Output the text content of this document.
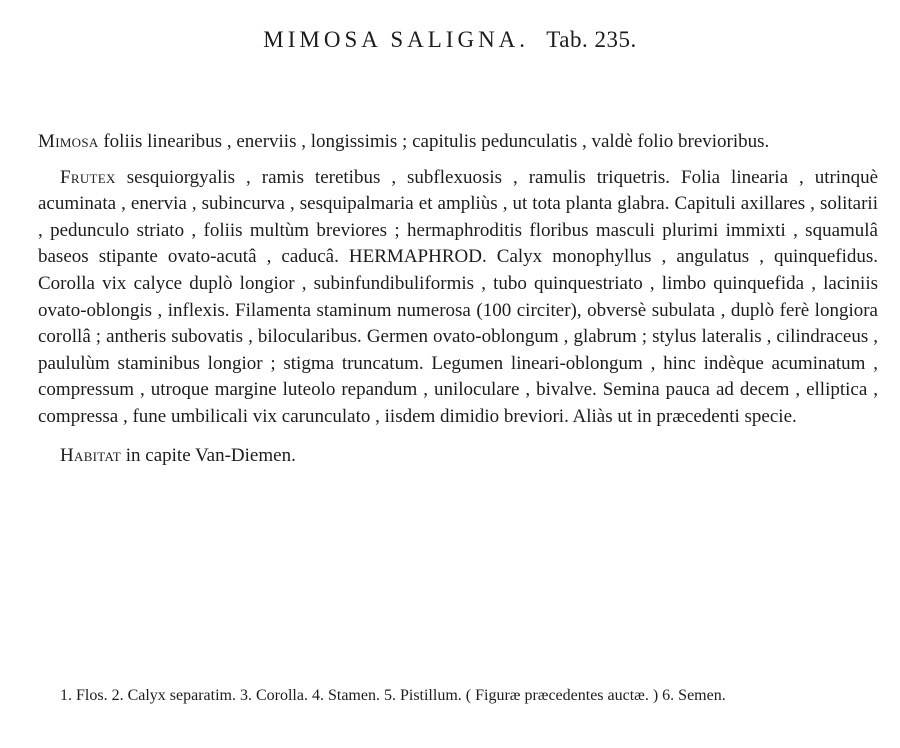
MIMOSA SALIGNA. Tab. 235.

Mimosa foliis linearibus , enerviis , longissimis ; capitulis pedunculatis , valdè folio brevioribus.

Frutex sesquiorgyalis , ramis teretibus , subflexuosis , ramulis triquetris. Folia linearia , utrinquè acuminata , enervia , subincurva , sesquipalmaria et ampliùs , ut tota planta glabra. Capituli axillares , solitarii , pedunculo striato , foliis multùm breviores ; hermaphroditis floribus masculi plurimi immixti , squamulâ baseos stipante ovato-acutâ , caducâ. HERMAPHROD. Calyx monophyllus , angulatus , quinquefidus. Corolla vix calyce duplò longior , subinfundibuliformis , tubo quinquestriato , limbo quinquefida , laciniis ovato-oblongis , inflexis. Filamenta staminum numerosa (100 circiter), obversè subulata , duplò ferè longiora corollâ ; antheris subovatis , bilocularibus. Germen ovato-oblongum , glabrum ; stylus lateralis , cilindraceus , paululùm staminibus longior ; stigma truncatum. Legumen lineari-oblongum , hinc indèque acuminatum , compressum , utroque margine luteolo repandum , uniloculare , bivalve. Semina pauca ad decem , elliptica , compressa , fune umbilicali vix carunculato , iisdem dimidio breviori. Aliàs ut in præcedenti specie.

Habitat in capite Van-Diemen.

1. Flos. 2. Calyx separatim. 3. Corolla. 4. Stamen. 5. Pistillum. ( Figuræ præcedentes auctæ. ) 6. Semen.
